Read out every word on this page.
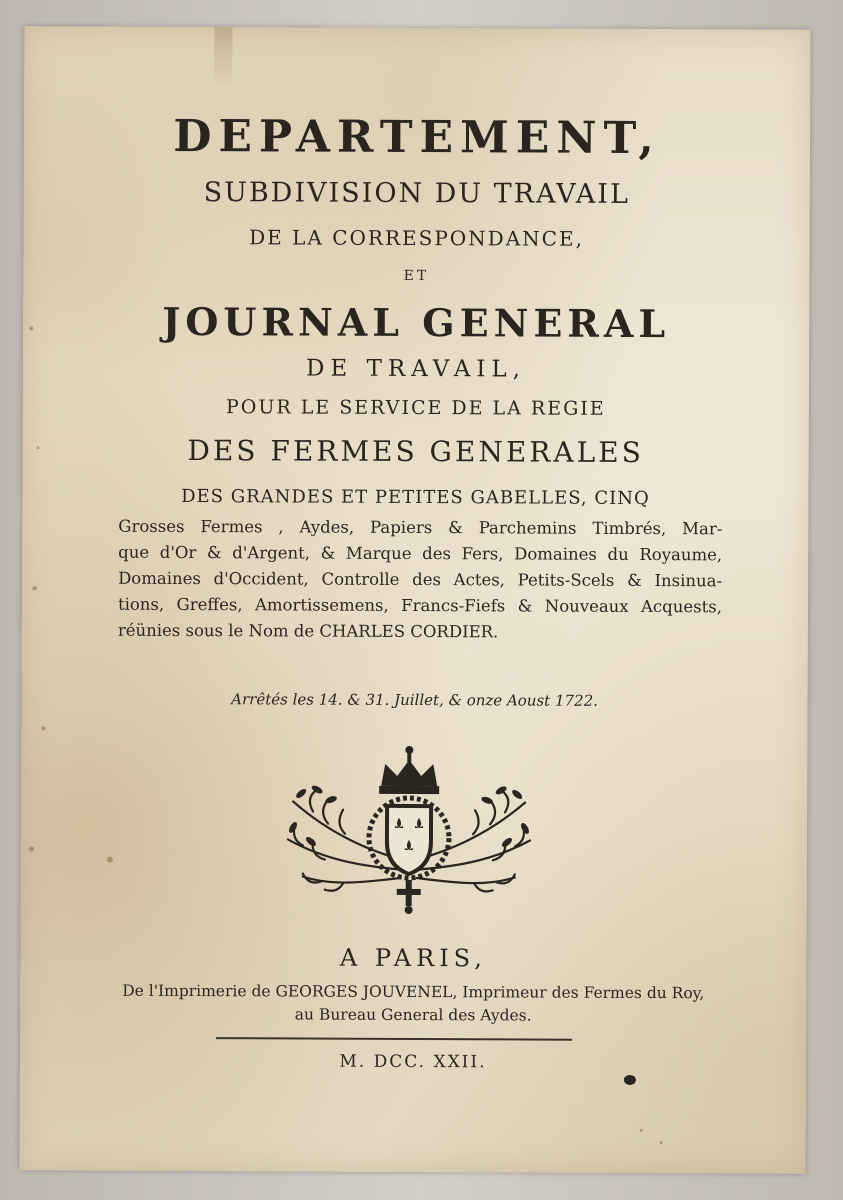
DEPARTEMENT,
SUBDIVISION DU TRAVAIL
DE LA CORRESPONDANCE,
ET
JOURNAL GENERAL
DE TRAVAIL,
POUR LE SERVICE DE LA REGIE
DES FERMES GENERALES
DES GRANDES ET PETITES GABELLES, CINQ
Grosses Fermes , Aydes, Papiers & Parchemins Timbrés, Mar-
que d'Or & d'Argent, & Marque des Fers, Domaines du Royaume,
Domaines d'Occident, Controlle des Actes, Petits-Scels & Insinua-
tions, Greffes, Amortissemens, Francs-Fiefs & Nouveaux Acquests,
réünies sous le Nom de CHARLES CORDIER.
Arrêtés les 14. & 31. Juillet, & onze Aoust 1722.
A PARIS,
De l'Imprimerie de GEORGES JOUVENEL, Imprimeur des Fermes du Roy,
au Bureau General des Aydes.
M. DCC. XXII.
